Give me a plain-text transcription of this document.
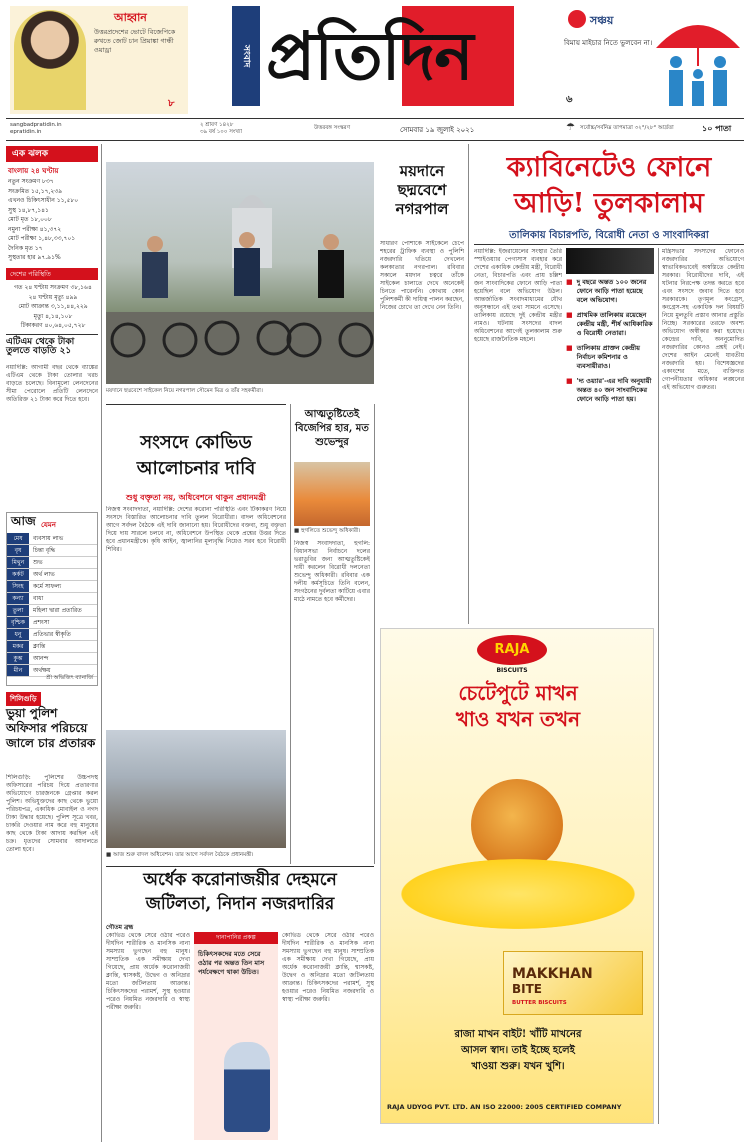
আহ্বান
উত্তরপ্রদেশের ভোটে বিজেপিকে রুখতে জোট চান প্রিয়াঙ্কা গান্ধী ওয়াড্রা
৮
সংবাদ প্রতিদিন	সঞ্চয়
বিমায় মাইচার নিতে ভুলবেন না।
৬
sangbadpratidin.in
epratidin.in
২ শ্রাবণ ১৪২৮
৩৯ বর্ষ ১০০ সংখ্যা
উত্তরবঙ্গ সংস্করণ	সোমবার ১৯ জুলাই ২০২১	☂ সর্বোচ্চ/সর্বনিম্ন তাপমাত্রা ৩২°/২৮° আর্দ্রতা	১০ পাতা
এক ঝলক
বাংলায় ২৪ ঘণ্টায়
নতুন সংক্রমণ ৮৩৭
সংক্রমিত ১৫,১৭,২৩৯
এখনও চিকিৎসাধীন ১১,৫৮০
সুস্থ ১৪,৮৭,১৪১
মোট মৃত ১৮,০০৮
নমুনা পরীক্ষা ৪১,৩৭২
মোট পরীক্ষা ১,৪৮,৩৩,৭০১
দৈনিক মৃত ১৭
সুস্থতার হার ৯৭.৯১%
দেশের পরিস্থিতি
গত ২৪ ঘণ্টায় সংক্রমণ ৩৮,১৬৪
২৪ ঘণ্টায় মৃত্যু ৪৯৯
মোট আক্রান্ত ৩,১১,৪৪,২২৯
মৃত্যু ৪,১৪,১০৮
টিকাকরণ ৪০,৬৪,০৫,৭২৮
এটিএম থেকে টাকা তুলতে বাড়তি ২১
নয়াদিল্লি: আগামী বছর থেকে ব্যাঙ্কের এটিএম থেকে টাকা তোলার খরচ বাড়তে চলেছে। বিনামূল্যে লেনদেনের সীমা পেরোলে প্রতিটি লেনদেনে অতিরিক্ত ২১ টাকা করে দিতে হবে।
আজ যেমন
মেষ	ব্যবসায় লাভ
বৃষ	চিন্তা বৃদ্ধি
মিথুন	শুভ
কর্কট	অর্থ লাভ
সিংহ	কর্মে সাফল্য
কন্যা	বাধা
তুলা	মহিলা দ্বারা প্রতারিত
বৃশ্চিক	প্রশংসা
ধনু	প্রতিভার স্বীকৃতি
মকর	ক্লান্তি
কুম্ভ	আনন্দ
মীন	অর্থক্ষয়
শ্রী অভিজিৎ ব্যানার্জি
শিলিগুড়ি
ভুয়া পুলিশ অফিসার পরিচয়ে জালে চার প্রতারক
শিলিগুড়ি: পুলিশের উচ্চপদস্থ অফিসারের পরিচয় দিয়ে প্রতারণার অভিযোগে চারজনকে গ্রেপ্তার করল পুলিশ। অভিযুক্তদের কাছ থেকে ভুয়ো পরিচয়পত্র, একাধিক মোবাইল ও নগদ টাকা উদ্ধার হয়েছে। পুলিশ সূত্রে খবর, চাকরি দেওয়ার নাম করে বহু মানুষের কাছ থেকে টাকা আদায় করছিল এই চক্র। ধৃতদের সোমবার আদালতে তোলা হবে।
ময়দানে ছদ্মবেশে সাইকেল নিয়ে নগরপাল সৌমেন মিত্র ও তাঁর সহকর্মীরা।
ময়দানে ছদ্মবেশে নগরপাল
সাধারণ পোশাকে সাইকেলে চেপে শহরের ট্রাফিক ব্যবস্থা ও পুলিশি নজরদারি খতিয়ে দেখলেন কলকাতার নগরপাল। রবিবার সকালে ময়দান চত্বরে তাঁকে সাইকেল চালাতে দেখে অনেকেই চিনতে পারেননি। কোথায় কোন পুলিশকর্মী কী দায়িত্ব পালন করছেন, নিজের চোখে তা দেখে নেন তিনি।
ক্যাবিনেটেও ফোনে আড়ি! তুলকালাম
তালিকায় বিচারপতি, বিরোধী নেতা ও সাংবাদিকরা
নয়াদিল্লি: ইজরায়েলের সংস্থার তৈরি স্পাইওয়্যার পেগাসাস ব্যবহার করে দেশের একাধিক কেন্দ্রীয় মন্ত্রী, বিরোধী নেতা, বিচারপতি এবং প্রায় চল্লিশ জন সাংবাদিকের ফোনে আড়ি পাতা হয়েছিল বলে অভিযোগ উঠল। আন্তর্জাতিক সংবাদমাধ্যমের যৌথ অনুসন্ধানে এই তথ্য সামনে এসেছে। তালিকায় রয়েছে দুই কেন্দ্রীয় মন্ত্রীর নামও। ঘটনায় সংসদের বাদল অধিবেশনের আগেই তুলকালাম শুরু হয়েছে রাজনৈতিক মহলে।
■ দু বছরে অন্তত ১০০ জনের ফোনে আড়ি পাতা হয়েছে বলে অভিযোগ।
■ প্রাথমিক তালিকায় রয়েছেন কেন্দ্রীয় মন্ত্রী, শীর্ষ আধিকারিক ও বিরোধী নেতারা।
■ তালিকায় প্রাক্তন কেন্দ্রীয় নির্বাচন কমিশনার ও ব্যবসায়ীরাও।
■ 'দ্য ওয়্যার'-এর দাবি অনুযায়ী অন্তত ৪০ জন সাংবাদিকের ফোনে আড়ি পাতা হয়।
মন্ত্রিসভার সদস্যদের ফোনেও নজরদারির অভিযোগে স্বাভাবিকভাবেই অস্বস্তিতে কেন্দ্রীয় সরকার। বিরোধীদের দাবি, এই ঘটনার নিরপেক্ষ তদন্ত করতে হবে এবং সংসদে জবাব দিতে হবে সরকারকে। তৃণমূল কংগ্রেস, কংগ্রেস-সহ একাধিক দল বিষয়টি নিয়ে মুলতুবি প্রস্তাব আনার প্রস্তুতি নিচ্ছে। সরকারের তরফে অবশ্য অভিযোগ অস্বীকার করা হয়েছে। কেন্দ্রের দাবি, অননুমোদিত নজরদারির কোনও প্রশ্নই নেই। দেশের আইন মেনেই যাবতীয় নজরদারি হয়। বিশেষজ্ঞদের একাংশের মতে, ব্যক্তিগত গোপনীয়তার অধিকার লঙ্ঘনের এই অভিযোগ গুরুতর।
সংসদে কোভিড আলোচনার দাবি
শুধু বক্তৃতা নয়, অধিবেশনে থাকুন প্রধানমন্ত্রী
নিজস্ব সংবাদদাতা, নয়াদিল্লি: দেশের করোনা পরিস্থিতি এবং টিকাকরণ নিয়ে সংসদে বিস্তারিত আলোচনার দাবি তুলল বিরোধীরা। বাদল অধিবেশনের আগে সর্বদল বৈঠকে এই দাবি জানানো হয়। বিরোধীদের বক্তব্য, শুধু বক্তৃতা দিয়ে দায় সারলে চলবে না, অধিবেশনে উপস্থিত থেকে প্রশ্নের উত্তর দিতে হবে প্রধানমন্ত্রীকে। কৃষি আইন, জ্বালানির মূল্যবৃদ্ধি নিয়েও সরব হবে বিরোধী শিবির।
আত্মতুষ্টিতেই বিজেপির হার, মত শুভেন্দুর
■ হুগলিতে শুভেন্দু অধিকারী।
নিজস্ব সংবাদদাতা, হুগলি: বিধানসভা নির্বাচনে দলের ভরাডুবির জন্য আত্মতুষ্টিকেই দায়ী করলেন বিরোধী দলনেতা শুভেন্দু অধিকারী। রবিবার এক দলীয় কর্মসূচিতে তিনি বলেন, সংগঠনের দুর্বলতা কাটিয়ে এবার মাঠে নামতে হবে কর্মীদের।
■ আজ শুরু বাদল অধিবেশন। তার আগে সর্বদল বৈঠকে প্রধানমন্ত্রী।
RAJA
BISCUITS
চেটেপুটে মাখন
খাও যখন তখন
MAKKHAN
BITE
BUTTER BISCUITS
রাজা মাখন বাইট! খাঁটি মাখনের
আসল স্বাদ। তাই ইচ্ছে হলেই
খাওয়া শুরু। যখন খুশি।
RAJA UDYOG PVT. LTD. AN ISO 22000: 2005 CERTIFIED COMPANY
অর্ধেক করোনাজয়ীর দেহমনে
জটিলতা, নিদান নজরদারির
গৌতম ব্রহ্ম
কোভিড থেকে সেরে ওঠার পরেও দীর্ঘদিন শারীরিক ও মানসিক নানা সমস্যায় ভুগছেন বহু মানুষ। সাম্প্রতিক এক সমীক্ষায় দেখা গিয়েছে, প্রায় অর্ধেক করোনাজয়ী ক্লান্তি, শ্বাসকষ্ট, উদ্বেগ ও অনিদ্রার মতো জটিলতায় আক্রান্ত। চিকিৎসকদের পরামর্শ, সুস্থ হওয়ার পরেও নিয়মিত নজরদারি ও স্বাস্থ্য পরীক্ষা জরুরি।
দানাপানির প্রকল্প
চিকিৎসকদের মতে সেরে ওঠার পর অন্তত তিন মাস পর্যবেক্ষণে থাকা উচিত।
কোভিড থেকে সেরে ওঠার পরেও দীর্ঘদিন শারীরিক ও মানসিক নানা সমস্যায় ভুগছেন বহু মানুষ। সাম্প্রতিক এক সমীক্ষায় দেখা গিয়েছে, প্রায় অর্ধেক করোনাজয়ী ক্লান্তি, শ্বাসকষ্ট, উদ্বেগ ও অনিদ্রার মতো জটিলতায় আক্রান্ত। চিকিৎসকদের পরামর্শ, সুস্থ হওয়ার পরেও নিয়মিত নজরদারি ও স্বাস্থ্য পরীক্ষা জরুরি।
